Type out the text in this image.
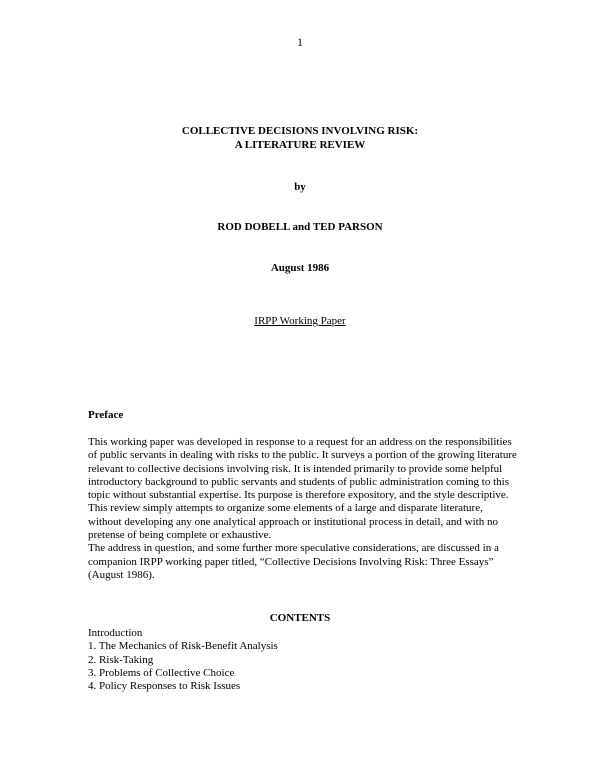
1
COLLECTIVE DECISIONS INVOLVING RISK:
A LITERATURE REVIEW
by
ROD DOBELL and TED PARSON
August 1986
IRPP Working Paper
Preface

This working paper was developed in response to a request for an address on the responsibilities of public servants in dealing with risks to the public. It surveys a portion of the growing literature relevant to collective decisions involving risk. It is intended primarily to provide some helpful introductory background to public servants and students of public administration coming to this topic without substantial expertise. Its purpose is therefore expository, and the style descriptive. This review simply attempts to organize some elements of a large and disparate literature, without developing any one analytical approach or institutional process in detail, and with no pretense of being complete or exhaustive.

The address in question, and some further more speculative considerations, are discussed in a companion IRPP working paper titled, “Collective Decisions Involving Risk: Three Essays” (August 1986).

CONTENTS
Introduction
1. The Mechanics of Risk-Benefit Analysis
2. Risk-Taking
3. Problems of Collective Choice
4. Policy Responses to Risk Issues
